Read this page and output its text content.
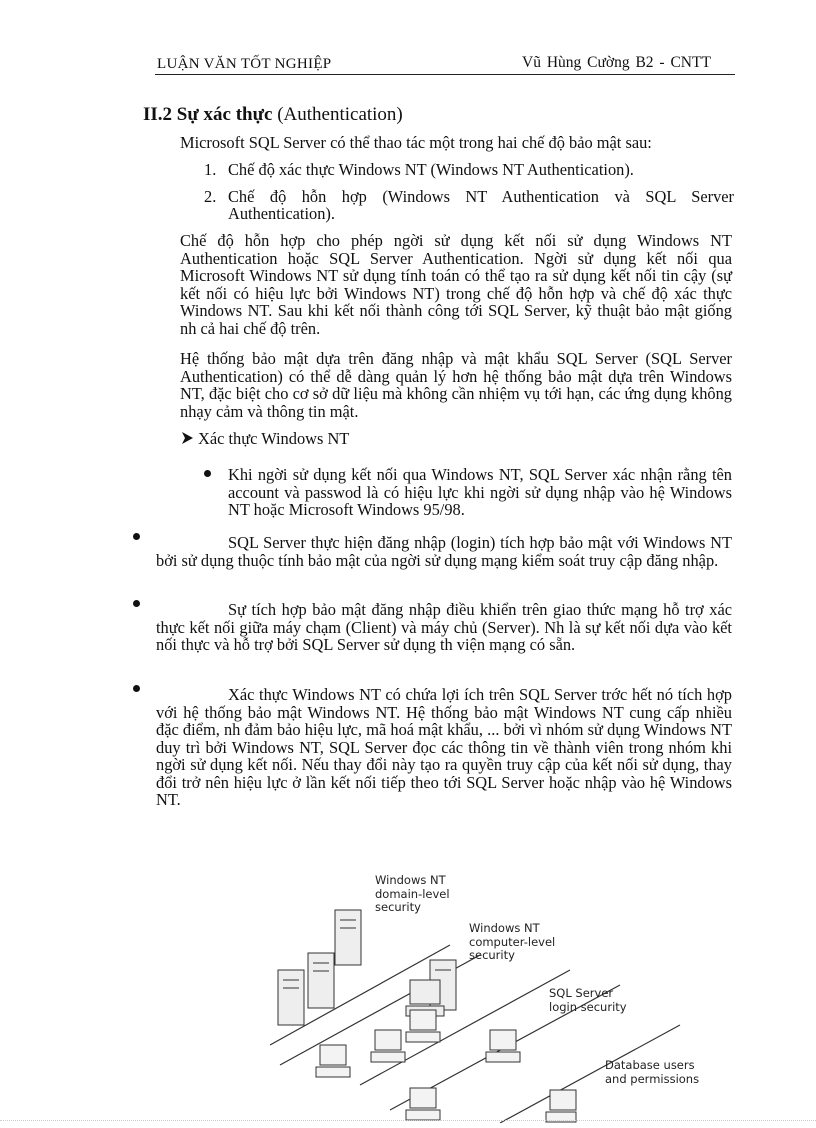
LUẬN VĂN TỐT NGHIỆP	Vũ Hùng Cường B2 - CNTT
II.2 Sự xác thực (Authentication)
Microsoft SQL Server có thể thao tác một trong hai chế độ bảo mật sau:
1. Chế độ xác thực Windows NT (Windows NT Authentication).
2. Chế độ hỗn hợp (Windows NT Authentication và SQL Server Authentication).
Chế độ hỗn hợp cho phép ngời sử dụng kết nối sử dụng Windows NT Authentication hoặc SQL Server Authentication. Ngời sử dụng kết nối qua Microsoft Windows NT sử dụng tính toán có thể tạo ra sử dụng kết nối tin cậy (sự kết nối có hiệu lực bởi Windows NT) trong chế độ hỗn hợp và chế độ xác thực Windows NT. Sau khi kết nối thành công tới SQL Server, kỹ thuật bảo mật giống nh cả hai chế độ trên.
Hệ thống bảo mật dựa trên đăng nhập và mật khẩu SQL Server (SQL Server Authentication) có thể dễ dàng quản lý hơn hệ thống bảo mật dựa trên Windows NT, đặc biệt cho cơ sở dữ liệu mà không cần nhiệm vụ tới hạn, các ứng dụng không nhạy cảm và thông tin mật.
Xác thực Windows NT
Khi ngời sử dụng kết nối qua Windows NT, SQL Server xác nhận rằng tên account và passwod là có hiệu lực khi ngời sử dụng nhập vào hệ Windows NT hoặc Microsoft Windows 95/98.
SQL Server thực hiện đăng nhập (login) tích hợp bảo mật với Windows NT bởi sử dụng thuộc tính bảo mật của ngời sử dụng mạng kiểm soát truy cập đăng nhập.
Sự tích hợp bảo mật đăng nhập điều khiển trên giao thức mạng hỗ trợ xác thực kết nối giữa máy chạm (Client) và máy chủ (Server). Nh là sự kết nối dựa vào kết nối thực và hỗ trợ bởi SQL Server sử dụng th viện mạng có sẵn.
Xác thực Windows NT có chứa lợi ích trên SQL Server trớc hết nó tích hợp với hệ thống bảo mật Windows NT. Hệ thống bảo mật Windows NT cung cấp nhiều đặc điểm, nh đảm bảo hiệu lực, mã hoá mật khẩu, ... bởi vì nhóm sử dụng Windows NT duy trì bởi Windows NT, SQL Server đọc các thông tin về thành viên trong nhóm khi ngời sử dụng kết nối. Nếu thay đổi này tạo ra quyền truy cập của kết nối sử dụng, thay đổi trở nên hiệu lực ở lần kết nối tiếp theo tới SQL Server hoặc nhập vào hệ Windows NT.
Windows NT
domain-level
security
Windows NT
computer-level
security
SQL Server
login security
Database users
and permissions
